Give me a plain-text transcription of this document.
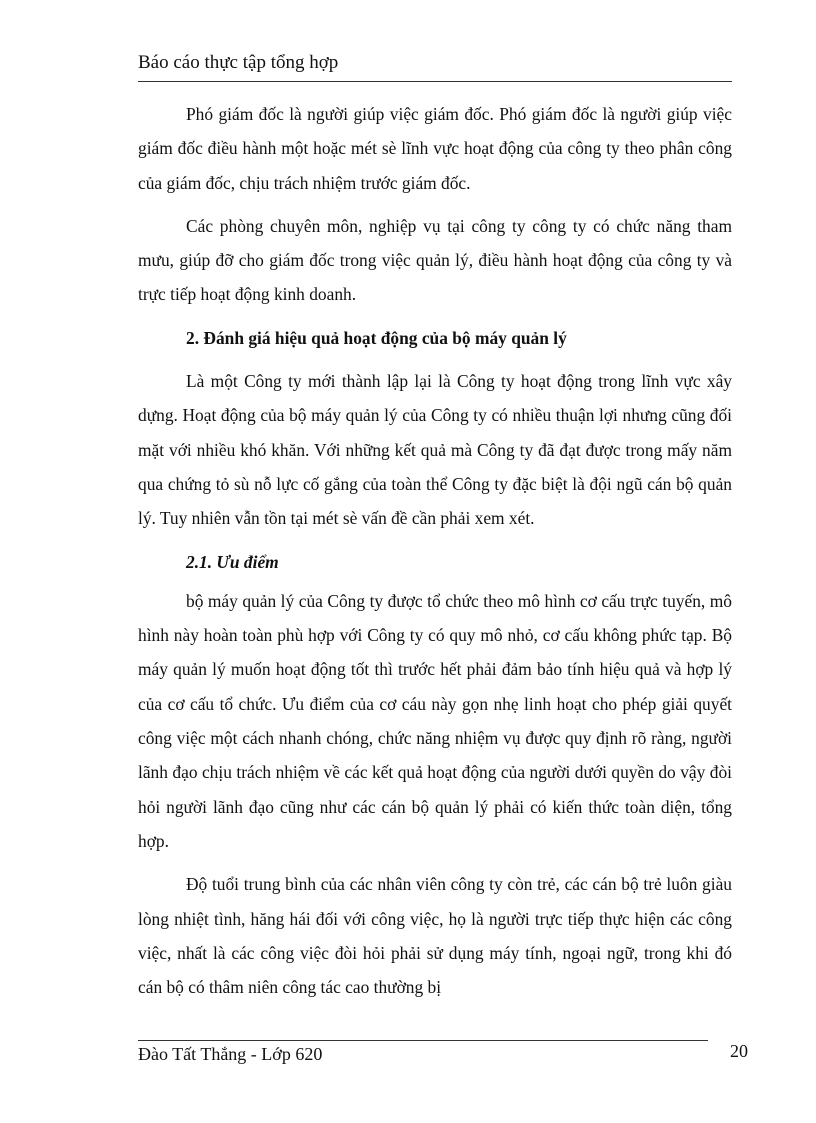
Báo cáo thực tập tổng hợp

Phó giám đốc là người giúp việc giám đốc. Phó giám đốc là người giúp việc giám đốc điều hành một hoặc mét sè lĩnh vực hoạt động của công ty theo phân công của giám đốc, chịu trách nhiệm trước giám đốc.

Các phòng chuyên môn, nghiệp vụ tại công ty công ty có chức năng tham mưu, giúp đỡ cho giám đốc trong việc quản lý, điều hành hoạt động của công ty và trực tiếp hoạt động kinh doanh.

2. Đánh giá hiệu quả hoạt động của bộ máy quản lý

Là một Công ty mới thành lập lại là Công ty hoạt động trong lĩnh vực xây dựng. Hoạt động của bộ máy quản lý của Công ty có nhiều thuận lợi nhưng cũng đối mặt với nhiều khó khăn. Với những kết quả mà Công ty đã đạt được trong mấy năm qua chứng tỏ sù nỗ lực cố gắng của toàn thể Công ty đặc biệt là đội ngũ cán bộ quản lý. Tuy nhiên vẫn tồn tại mét sè vấn đề cần phải xem xét.

2.1. Ưu điểm

bộ máy quản lý của Công ty được tổ chức theo mô hình cơ cấu trực tuyến, mô hình này hoàn toàn phù hợp với Công ty có quy mô nhỏ, cơ cấu không phức tạp. Bộ máy quản lý muốn hoạt động tốt thì trước hết phải đảm bảo tính hiệu quả và hợp lý của cơ cấu tổ chức. Ưu điểm của cơ cáu này gọn nhẹ linh hoạt cho phép giải quyết công việc một cách nhanh chóng, chức năng nhiệm vụ được quy định rõ ràng, người lãnh đạo chịu trách nhiệm về các kết quả hoạt động của người dưới quyền do vậy đòi hỏi người lãnh đạo cũng như các cán bộ quản lý phải có kiến thức toàn diện, tổng hợp.

Độ tuổi trung bình của các nhân viên công ty còn trẻ, các cán bộ trẻ luôn giàu lòng nhiệt tình, hăng hái đối với công việc, họ là người trực tiếp thực hiện các công việc, nhất là các công việc đòi hỏi phải sử dụng máy tính, ngoại ngữ, trong khi đó cán bộ có thâm niên công tác cao thường bị

Đào Tất Thắng - Lớp 620	20
